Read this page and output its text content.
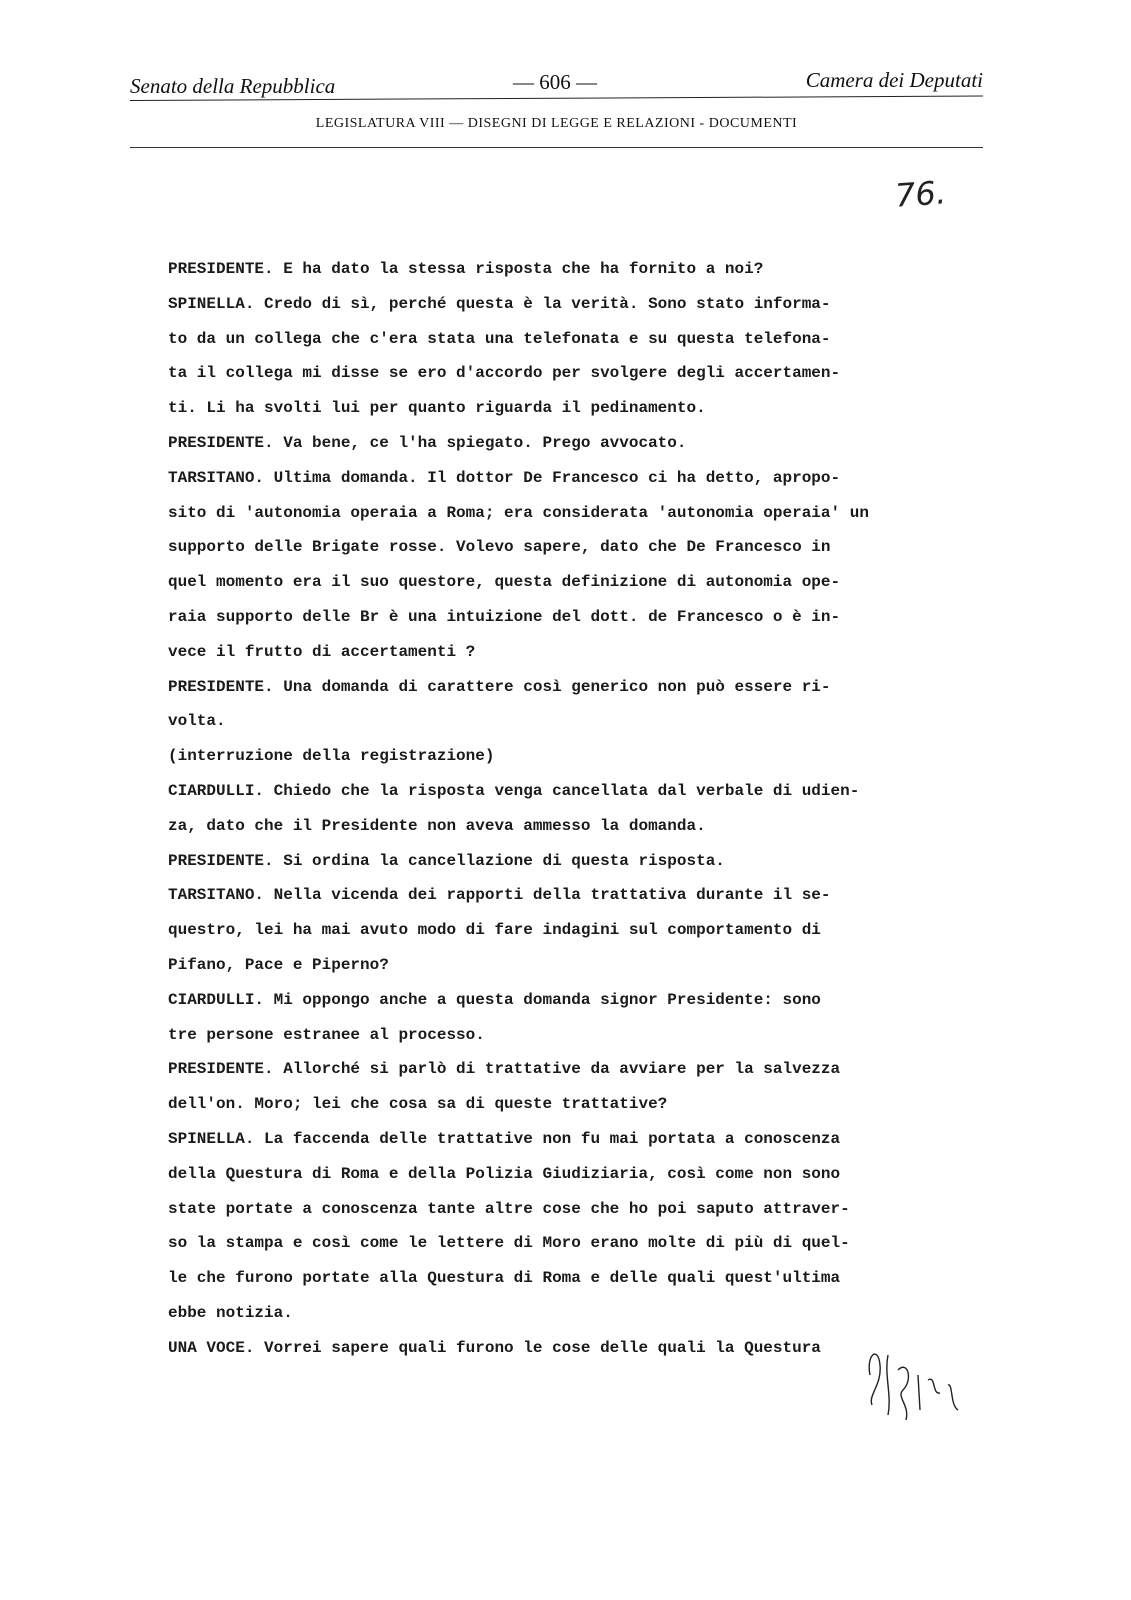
Senato della Repubblica	— 606 —	Camera dei Deputati
LEGISLATURA VIII — DISEGNI DI LEGGE E RELAZIONI - DOCUMENTI
76.
PRESIDENTE. E ha dato la stessa risposta che ha fornito a noi?
SPINELLA. Credo di sì, perché questa è la verità. Sono stato informa-
to da un collega che c'era stata una telefonata e su questa telefona-
ta il collega mi disse se ero d'accordo per svolgere degli accertamen-
ti. Li ha svolti lui per quanto riguarda il pedinamento.
PRESIDENTE. Va bene, ce l'ha spiegato. Prego avvocato.
TARSITANO. Ultima domanda. Il dottor De Francesco ci ha detto, apropo-
sito di 'autonomia operaia a Roma; era considerata 'autonomia operaia' un
supporto delle Brigate rosse. Volevo sapere, dato che De Francesco in
quel momento era il suo questore, questa definizione di autonomia ope-
raia supporto delle Br è una intuizione del dott. de Francesco o è in-
vece il frutto di accertamenti ?
PRESIDENTE. Una domanda di carattere così generico non può essere ri-
volta.
(interruzione della registrazione)
CIARDULLI. Chiedo che la risposta venga cancellata dal verbale di udien-
za, dato che il Presidente non aveva ammesso la domanda.
PRESIDENTE. Si ordina la cancellazione di questa risposta.
TARSITANO. Nella vicenda dei rapporti della trattativa durante il se-
questro, lei ha mai avuto modo di fare indagini sul comportamento di
Pifano, Pace e Piperno?
CIARDULLI. Mi oppongo anche a questa domanda signor Presidente: sono
tre persone estranee al processo.
PRESIDENTE. Allorché si parlò di trattative da avviare per la salvezza
dell'on. Moro; lei che cosa sa di queste trattative?
SPINELLA. La faccenda delle trattative non fu mai portata a conoscenza
della Questura di Roma e della Polizia Giudiziaria, così come non sono
state portate a conoscenza tante altre cose che ho poi saputo attraver-
so la stampa e così come le lettere di Moro erano molte di più di quel-
le che furono portate alla Questura di Roma e delle quali quest'ultima
ebbe notizia.
UNA VOCE. Vorrei sapere quali furono le cose delle quali la Questura
